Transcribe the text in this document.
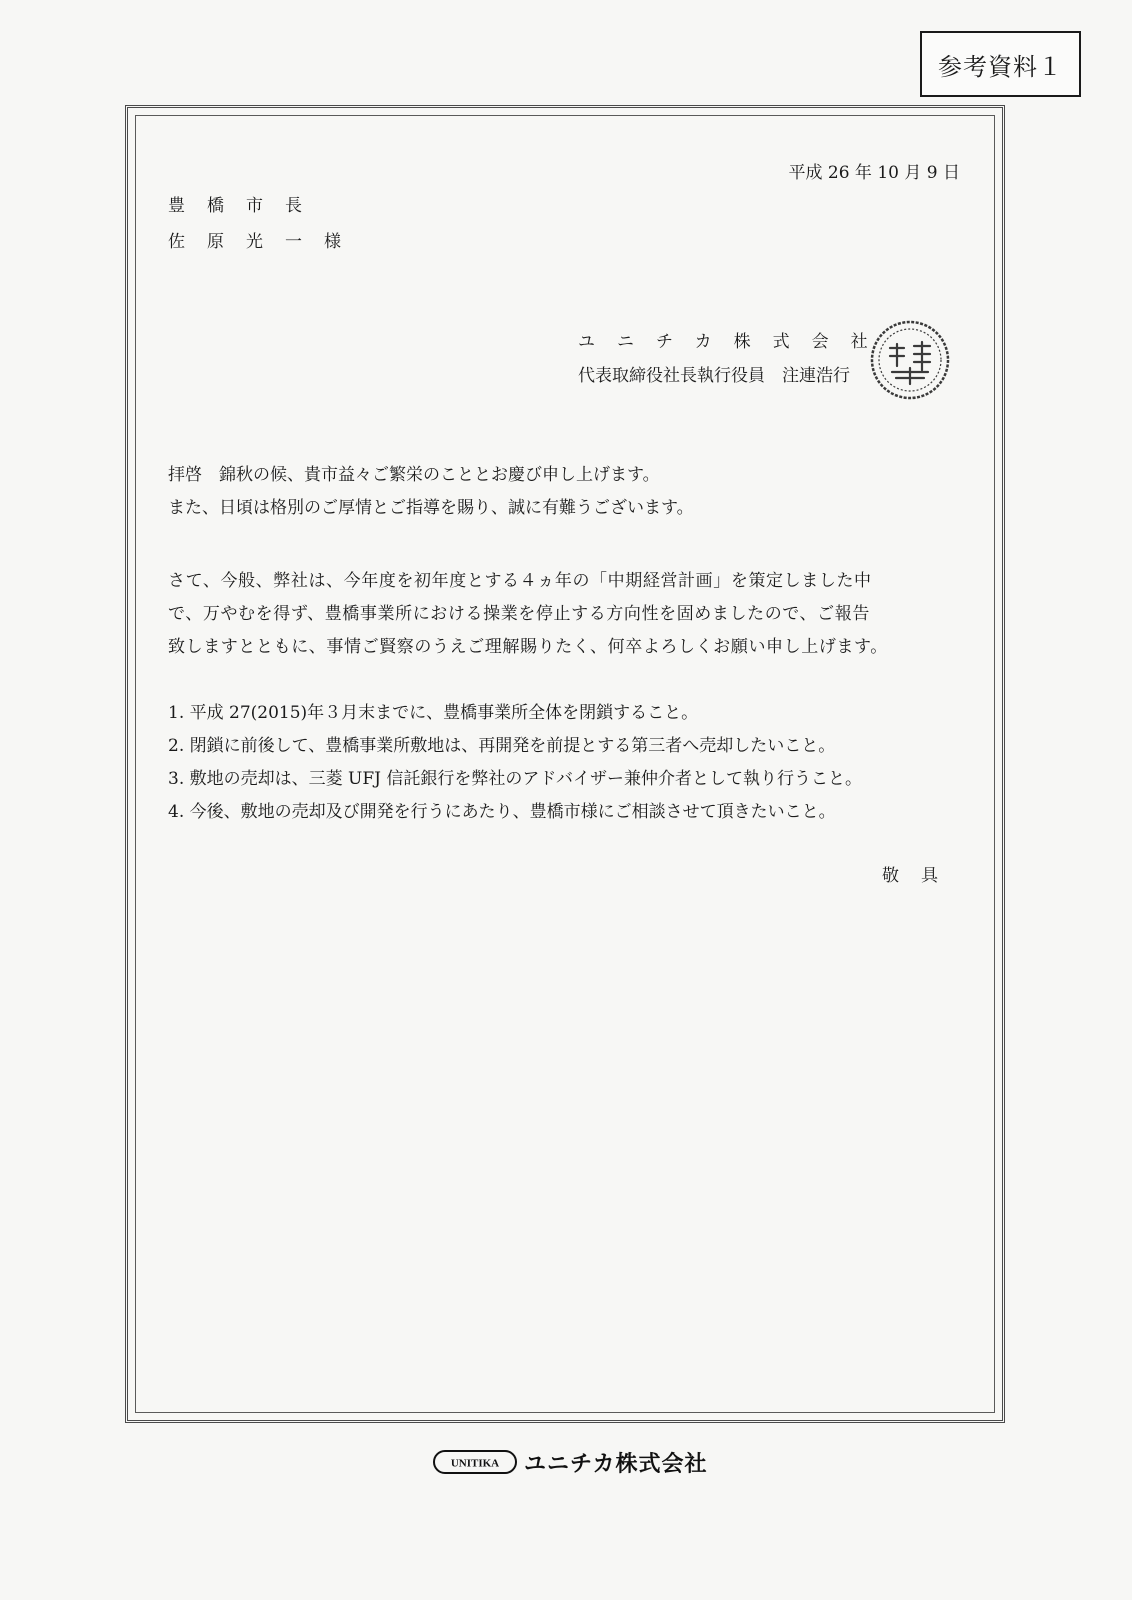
参考資料１
平成 26 年 10 月 9 日
豊橋市長
佐原光一様
ユニチカ株式会社
代表取締役社長執行役員　注連浩行
拝啓　錦秋の候、貴市益々ご繁栄のこととお慶び申し上げます。
また、日頃は格別のご厚情とご指導を賜り、誠に有難うございます。
さて、今般、弊社は、今年度を初年度とする４ヵ年の「中期経営計画」を策定しました中
で、万やむを得ず、豊橋事業所における操業を停止する方向性を固めましたので、ご報告
致しますとともに、事情ご賢察のうえご理解賜りたく、何卒よろしくお願い申し上げます。
1. 平成 27(2015)年３月末までに、豊橋事業所全体を閉鎖すること。
2. 閉鎖に前後して、豊橋事業所敷地は、再開発を前提とする第三者へ売却したいこと。
3. 敷地の売却は、三菱 UFJ 信託銀行を弊社のアドバイザー兼仲介者として執り行うこと。
4. 今後、敷地の売却及び開発を行うにあたり、豊橋市様にご相談させて頂きたいこと。
敬具
UNITIKA ユニチカ株式会社
